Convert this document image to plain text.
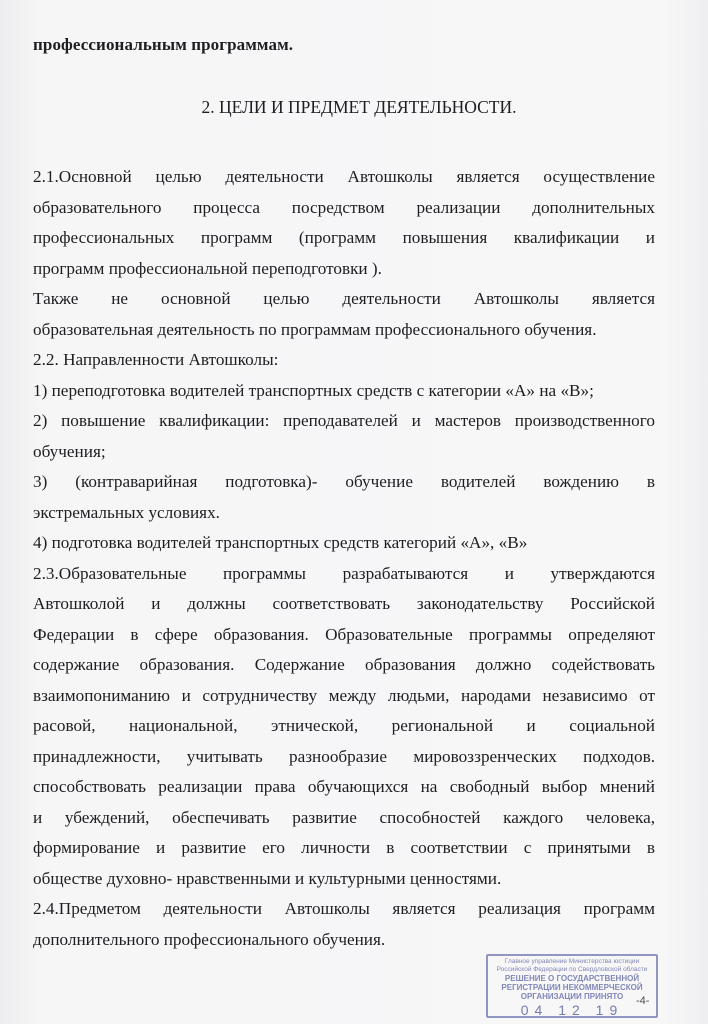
профессиональным программам.
2. ЦЕЛИ И ПРЕДМЕТ ДЕЯТЕЛЬНОСТИ.
2.1.Основной целью деятельности Автошколы является осуществление
образовательного процесса посредством реализации дополнительных
профессиональных программ (программ повышения квалификации и
программ профессиональной переподготовки ).
Также не основной целью деятельности Автошколы является
образовательная деятельность по программам профессионального обучения.
2.2. Направленности Автошколы:
1) переподготовка водителей транспортных средств с категории «А» на «В»;
2) повышение квалификации: преподавателей и мастеров производственного
обучения;
3) (контраварийная подготовка)- обучение водителей вождению в
экстремальных условиях.
4) подготовка водителей транспортных средств категорий «А», «В»
2.3.Образовательные программы разрабатываются и утверждаются
Автошколой и должны соответствовать законодательству Российской
Федерации в сфере образования. Образовательные программы определяют
содержание образования. Содержание образования должно содействовать
взаимопониманию и сотрудничеству между людьми, народами независимо от
расовой, национальной, этнической, региональной и социальной
принадлежности, учитывать разнообразие мировоззренческих подходов.
способствовать реализации права обучающихся на свободный выбор мнений
и убеждений, обеспечивать развитие способностей каждого человека,
формирование и развитие его личности в соответствии с принятыми в
обществе духовно- нравственными и культурными ценностями.
2.4.Предметом деятельности Автошколы является реализация программ
дополнительного профессионального обучения.
Главное управление Министерства юстиции
Российской Федерации по Свердловской области
РЕШЕНИЕ О ГОСУДАРСТВЕННОЙ
РЕГИСТРАЦИИ НЕКОММЕРЧЕСКОЙ
ОРГАНИЗАЦИИ ПРИНЯТО
04 12 19
-4-
